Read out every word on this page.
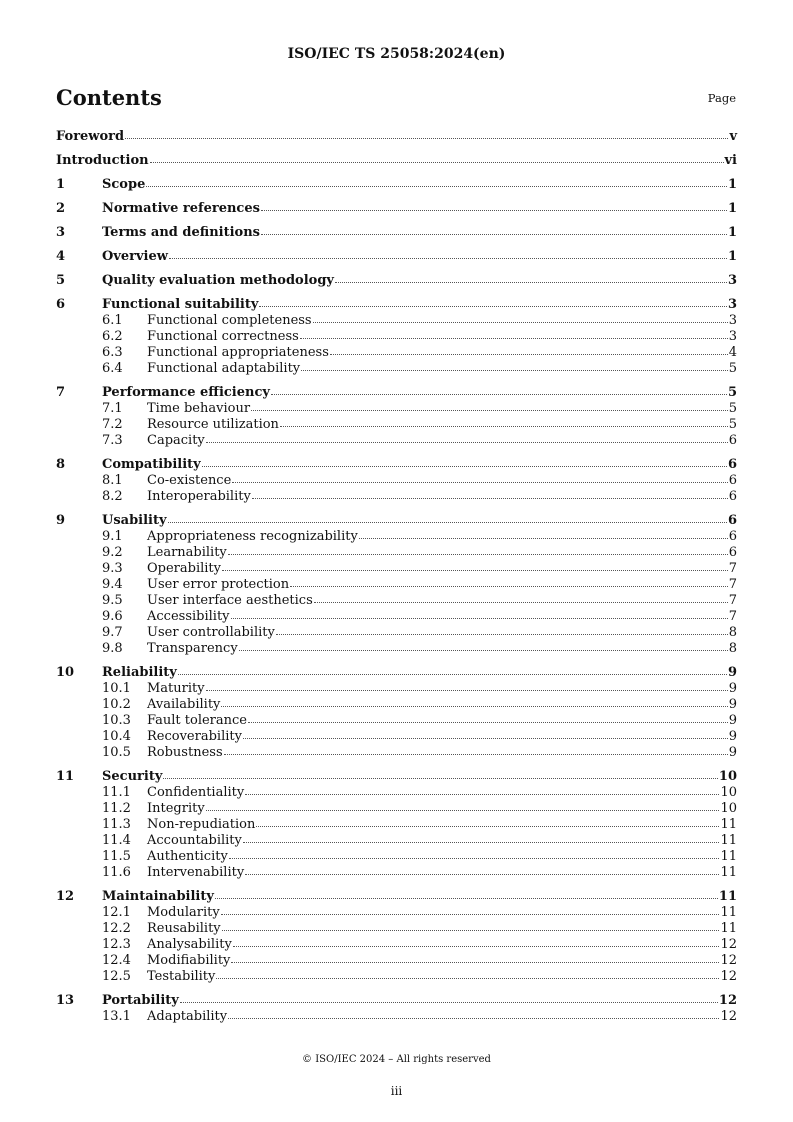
ISO/IEC TS 25058:2024(en)
Contents	Page
Foreword	v
Introduction	vi
1	Scope	1
2	Normative references	1
3	Terms and definitions	1
4	Overview	1
5	Quality evaluation methodology	3
6	Functional suitability	3
6.1	Functional completeness	3
6.2	Functional correctness	3
6.3	Functional appropriateness	4
6.4	Functional adaptability	5
7	Performance efficiency	5
7.1	Time behaviour	5
7.2	Resource utilization	5
7.3	Capacity	6
8	Compatibility	6
8.1	Co-existence	6
8.2	Interoperability	6
9	Usability	6
9.1	Appropriateness recognizability	6
9.2	Learnability	6
9.3	Operability	7
9.4	User error protection	7
9.5	User interface aesthetics	7
9.6	Accessibility	7
9.7	User controllability	8
9.8	Transparency	8
10	Reliability	9
10.1	Maturity	9
10.2	Availability	9
10.3	Fault tolerance	9
10.4	Recoverability	9
10.5	Robustness	9
11	Security	10
11.1	Confidentiality	10
11.2	Integrity	10
11.3	Non-repudiation	11
11.4	Accountability	11
11.5	Authenticity	11
11.6	Intervenability	11
12	Maintainability	11
12.1	Modularity	11
12.2	Reusability	11
12.3	Analysability	12
12.4	Modifiability	12
12.5	Testability	12
13	Portability	12
13.1	Adaptability	12
© ISO/IEC 2024 – All rights reserved
iii
